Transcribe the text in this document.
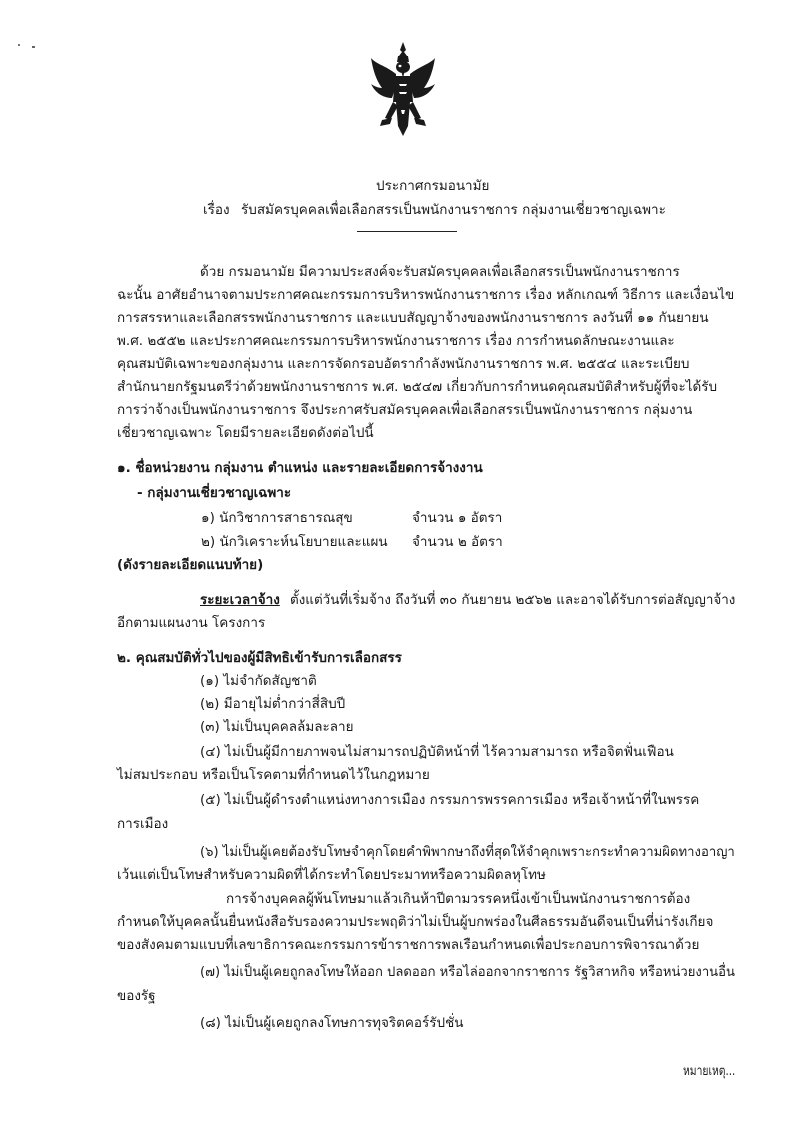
ประกาศกรมอนามัย
เรื่อง รับสมัครบุคคลเพื่อเลือกสรรเป็นพนักงานราชการ กลุ่มงานเชี่ยวชาญเฉพาะ
ด้วย กรมอนามัย มีความประสงค์จะรับสมัครบุคคลเพื่อเลือกสรรเป็นพนักงานราชการ
ฉะนั้น อาศัยอำนาจตามประกาศคณะกรรมการบริหารพนักงานราชการ เรื่อง หลักเกณฑ์ วิธีการ และเงื่อนไข
การสรรหาและเลือกสรรพนักงานราชการ และแบบสัญญาจ้างของพนักงานราชการ ลงวันที่ ๑๑ กันยายน
พ.ศ. ๒๕๕๒ และประกาศคณะกรรมการบริหารพนักงานราชการ เรื่อง การกำหนดลักษณะงานและ
คุณสมบัติเฉพาะของกลุ่มงาน และการจัดกรอบอัตรากำลังพนักงานราชการ พ.ศ. ๒๕๕๔ และระเบียบ
สำนักนายกรัฐมนตรีว่าด้วยพนักงานราชการ พ.ศ. ๒๕๔๗ เกี่ยวกับการกำหนดคุณสมบัติสำหรับผู้ที่จะได้รับ
การว่าจ้างเป็นพนักงานราชการ จึงประกาศรับสมัครบุคคลเพื่อเลือกสรรเป็นพนักงานราชการ กลุ่มงาน
เชี่ยวชาญเฉพาะ โดยมีรายละเอียดดังต่อไปนี้
๑. ชื่อหน่วยงาน กลุ่มงาน ตำแหน่ง และรายละเอียดการจ้างงาน
- กลุ่มงานเชี่ยวชาญเฉพาะ
๑) นักวิชาการสาธารณสุข	จำนวน ๑ อัตรา
๒) นักวิเคราะห์นโยบายและแผน จำนวน ๒ อัตรา
(ดังรายละเอียดแนบท้าย)
ระยะเวลาจ้าง ตั้งแต่วันที่เริ่มจ้าง ถึงวันที่ ๓๐ กันยายน ๒๕๖๒ และอาจได้รับการต่อสัญญาจ้าง
อีกตามแผนงาน โครงการ
๒. คุณสมบัติทั่วไปของผู้มีสิทธิเข้ารับการเลือกสรร
(๑) ไม่จำกัดสัญชาติ
(๒) มีอายุไม่ต่ำกว่าสี่สิบปี
(๓) ไม่เป็นบุคคลล้มละลาย
(๔) ไม่เป็นผู้มีกายภาพจนไม่สามารถปฏิบัติหน้าที่ ไร้ความสามารถ หรือจิตฟั่นเฟือน
ไม่สมประกอบ หรือเป็นโรคตามที่กำหนดไว้ในกฎหมาย
(๕) ไม่เป็นผู้ดำรงตำแหน่งทางการเมือง กรรมการพรรคการเมือง หรือเจ้าหน้าที่ในพรรค
การเมือง
(๖) ไม่เป็นผู้เคยต้องรับโทษจำคุกโดยคำพิพากษาถึงที่สุดให้จำคุกเพราะกระทำความผิดทางอาญา
เว้นแต่เป็นโทษสำหรับความผิดที่ได้กระทำโดยประมาทหรือความผิดลหุโทษ
การจ้างบุคคลผู้พ้นโทษมาแล้วเกินห้าปีตามวรรคหนึ่งเข้าเป็นพนักงานราชการต้อง
กำหนดให้บุคคลนั้นยื่นหนังสือรับรองความประพฤติว่าไม่เป็นผู้บกพร่องในศีลธรรมอันดีจนเป็นที่น่ารังเกียจ
ของสังคมตามแบบที่เลขาธิการคณะกรรมการข้าราชการพลเรือนกำหนดเพื่อประกอบการพิจารณาด้วย
(๗) ไม่เป็นผู้เคยถูกลงโทษให้ออก ปลดออก หรือไล่ออกจากราชการ รัฐวิสาหกิจ หรือหน่วยงานอื่น
ของรัฐ
(๘) ไม่เป็นผู้เคยถูกลงโทษการทุจริตคอร์รัปชั่น
หมายเหตุ...
